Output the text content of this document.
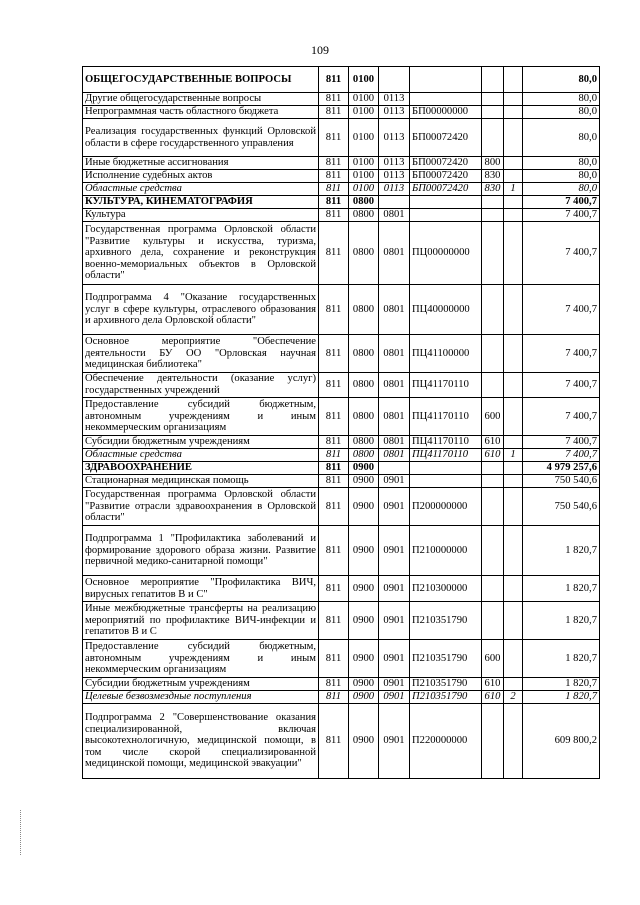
109
ОБЩЕГОСУДАРСТВЕННЫЕ ВОПРОСЫ	811	0100					80,0
Другие общегосударственные вопросы	811	0100	0113				80,0
Непрограммная часть областного бюджета	811	0100	0113	БП00000000			80,0
Реализация государственных функций Орловской области в сфере государственного управления	811	0100	0113	БП00072420			80,0
Иные бюджетные ассигнования	811	0100	0113	БП00072420	800		80,0
Исполнение судебных актов	811	0100	0113	БП00072420	830		80,0
Областные средства	811	0100	0113	БП00072420	830	1	80,0
КУЛЬТУРА, КИНЕМАТОГРАФИЯ	811	0800					7 400,7
Культура	811	0800	0801				7 400,7
Государственная программа Орловской области "Развитие культуры и искусства, туризма, архивного дела, сохранение и реконструкция военно-мемориальных объектов в Орловской области"	811	0800	0801	ПЦ00000000			7 400,7
Подпрограмма 4 "Оказание государственных услуг в сфере культуры, отраслевого образования и архивного дела Орловской области"	811	0800	0801	ПЦ40000000			7 400,7
Основное мероприятие "Обеспечение деятельности БУ ОО "Орловская научная медицинская библиотека"	811	0800	0801	ПЦ41100000			7 400,7
Обеспечение деятельности (оказание услуг) государственных учреждений	811	0800	0801	ПЦ41170110			7 400,7
Предоставление субсидий бюджетным, автономным учреждениям и иным некоммерческим организациям	811	0800	0801	ПЦ41170110	600		7 400,7
Субсидии бюджетным учреждениям	811	0800	0801	ПЦ41170110	610		7 400,7
Областные средства	811	0800	0801	ПЦ41170110	610	1	7 400,7
ЗДРАВООХРАНЕНИЕ	811	0900					4 979 257,6
Стационарная медицинская помощь	811	0900	0901				750 540,6
Государственная программа Орловской области "Развитие отрасли здравоохранения в Орловской области"	811	0900	0901	П200000000			750 540,6
Подпрограмма 1 "Профилактика заболеваний и формирование здорового образа жизни. Развитие первичной медико-санитарной помощи"	811	0900	0901	П210000000			1 820,7
Основное мероприятие "Профилактика ВИЧ, вирусных гепатитов В и С"	811	0900	0901	П210300000			1 820,7
Иные межбюджетные трансферты на реализацию мероприятий по профилактике ВИЧ-инфекции и гепатитов В и С	811	0900	0901	П210351790			1 820,7
Предоставление субсидий бюджетным, автономным учреждениям и иным некоммерческим организациям	811	0900	0901	П210351790	600		1 820,7
Субсидии бюджетным учреждениям	811	0900	0901	П210351790	610		1 820,7
Целевые безвозмездные поступления	811	0900	0901	П210351790	610	2	1 820,7
Подпрограмма 2 "Совершенствование оказания специализированной, включая высокотехнологичную, медицинской помощи, в том числе скорой специализированной медицинской помощи, медицинской эвакуации"	811	0900	0901	П220000000			609 800,2
